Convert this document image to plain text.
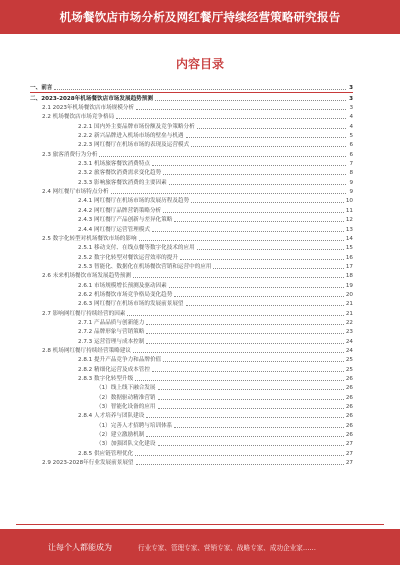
机场餐饮店市场分析及网红餐厅持续经营策略研究报告
内容目录
一、前言	3
二、2023-2028年机场餐饮店市场发展趋势预测	3
2.1 2023年机场餐饮店市场规模分析	3
2.2 机场餐饮店市场竞争格局	4
2.2.1 国内外主要品牌市场份额及竞争策略分析	4
2.2.2 新兴品牌进入机场市场的壁垒与机遇	5
2.2.3 网红餐厅在机场市场的表现及运营模式	6
2.3 旅客消费行为分析	6
2.3.1 机场旅客餐饮消费特点	7
2.3.2 旅客餐饮消费需求变化趋势	8
2.3.3 影响旅客餐饮消费的主要因素	9
2.4 网红餐厅市场特点分析	9
2.4.1 网红餐厅在机场市场的发展历程及趋势	10
2.4.2 网红餐厅品牌营销策略分析	11
2.4.3 网红餐厅产品创新与差异化策略	12
2.4.4 网红餐厅运营管理模式	13
2.5 数字化转型对机场餐饮市场的影响	14
2.5.1 移动支付、在线点餐等数字化技术的应用	15
2.5.2 数字化转型对餐饮运营效率的提升	16
2.5.3 智能化、数据化在机场餐饮营销和运营中的应用	17
2.6 未来机场餐饮市场发展趋势预测	18
2.6.1 市场规模增长预测及驱动因素	19
2.6.2 机场餐饮市场竞争格局变化趋势	20
2.6.3 网红餐厅在机场市场的发展前景展望	21
2.7 影响网红餐厅持续经营的因素	21
2.7.1 产品品质与创新能力	22
2.7.2 品牌形象与营销策略	23
2.7.3 运营管理与成本控制	24
2.8 机场网红餐厅持续经营策略建议	24
2.8.1 提升产品竞争力和品牌价值	25
2.8.2 精细化运营及成本管控	25
2.8.3 数字化转型升级	26
（1）线上线下融合发展	26
（2）数据驱动精准营销	26
（3）智能化设备的应用	26
2.8.4 人才培养与团队建设	26
（1）完善人才招聘与培训体系	26
（2）建立激励机制	26
（3）加强团队文化建设	27
2.8.5 供应链管理优化	27
2.9 2023-2028年行业发展前景展望	27
让每个人都能成为	行业专家、管理专家、营销专家、战略专家、成功企业家……
